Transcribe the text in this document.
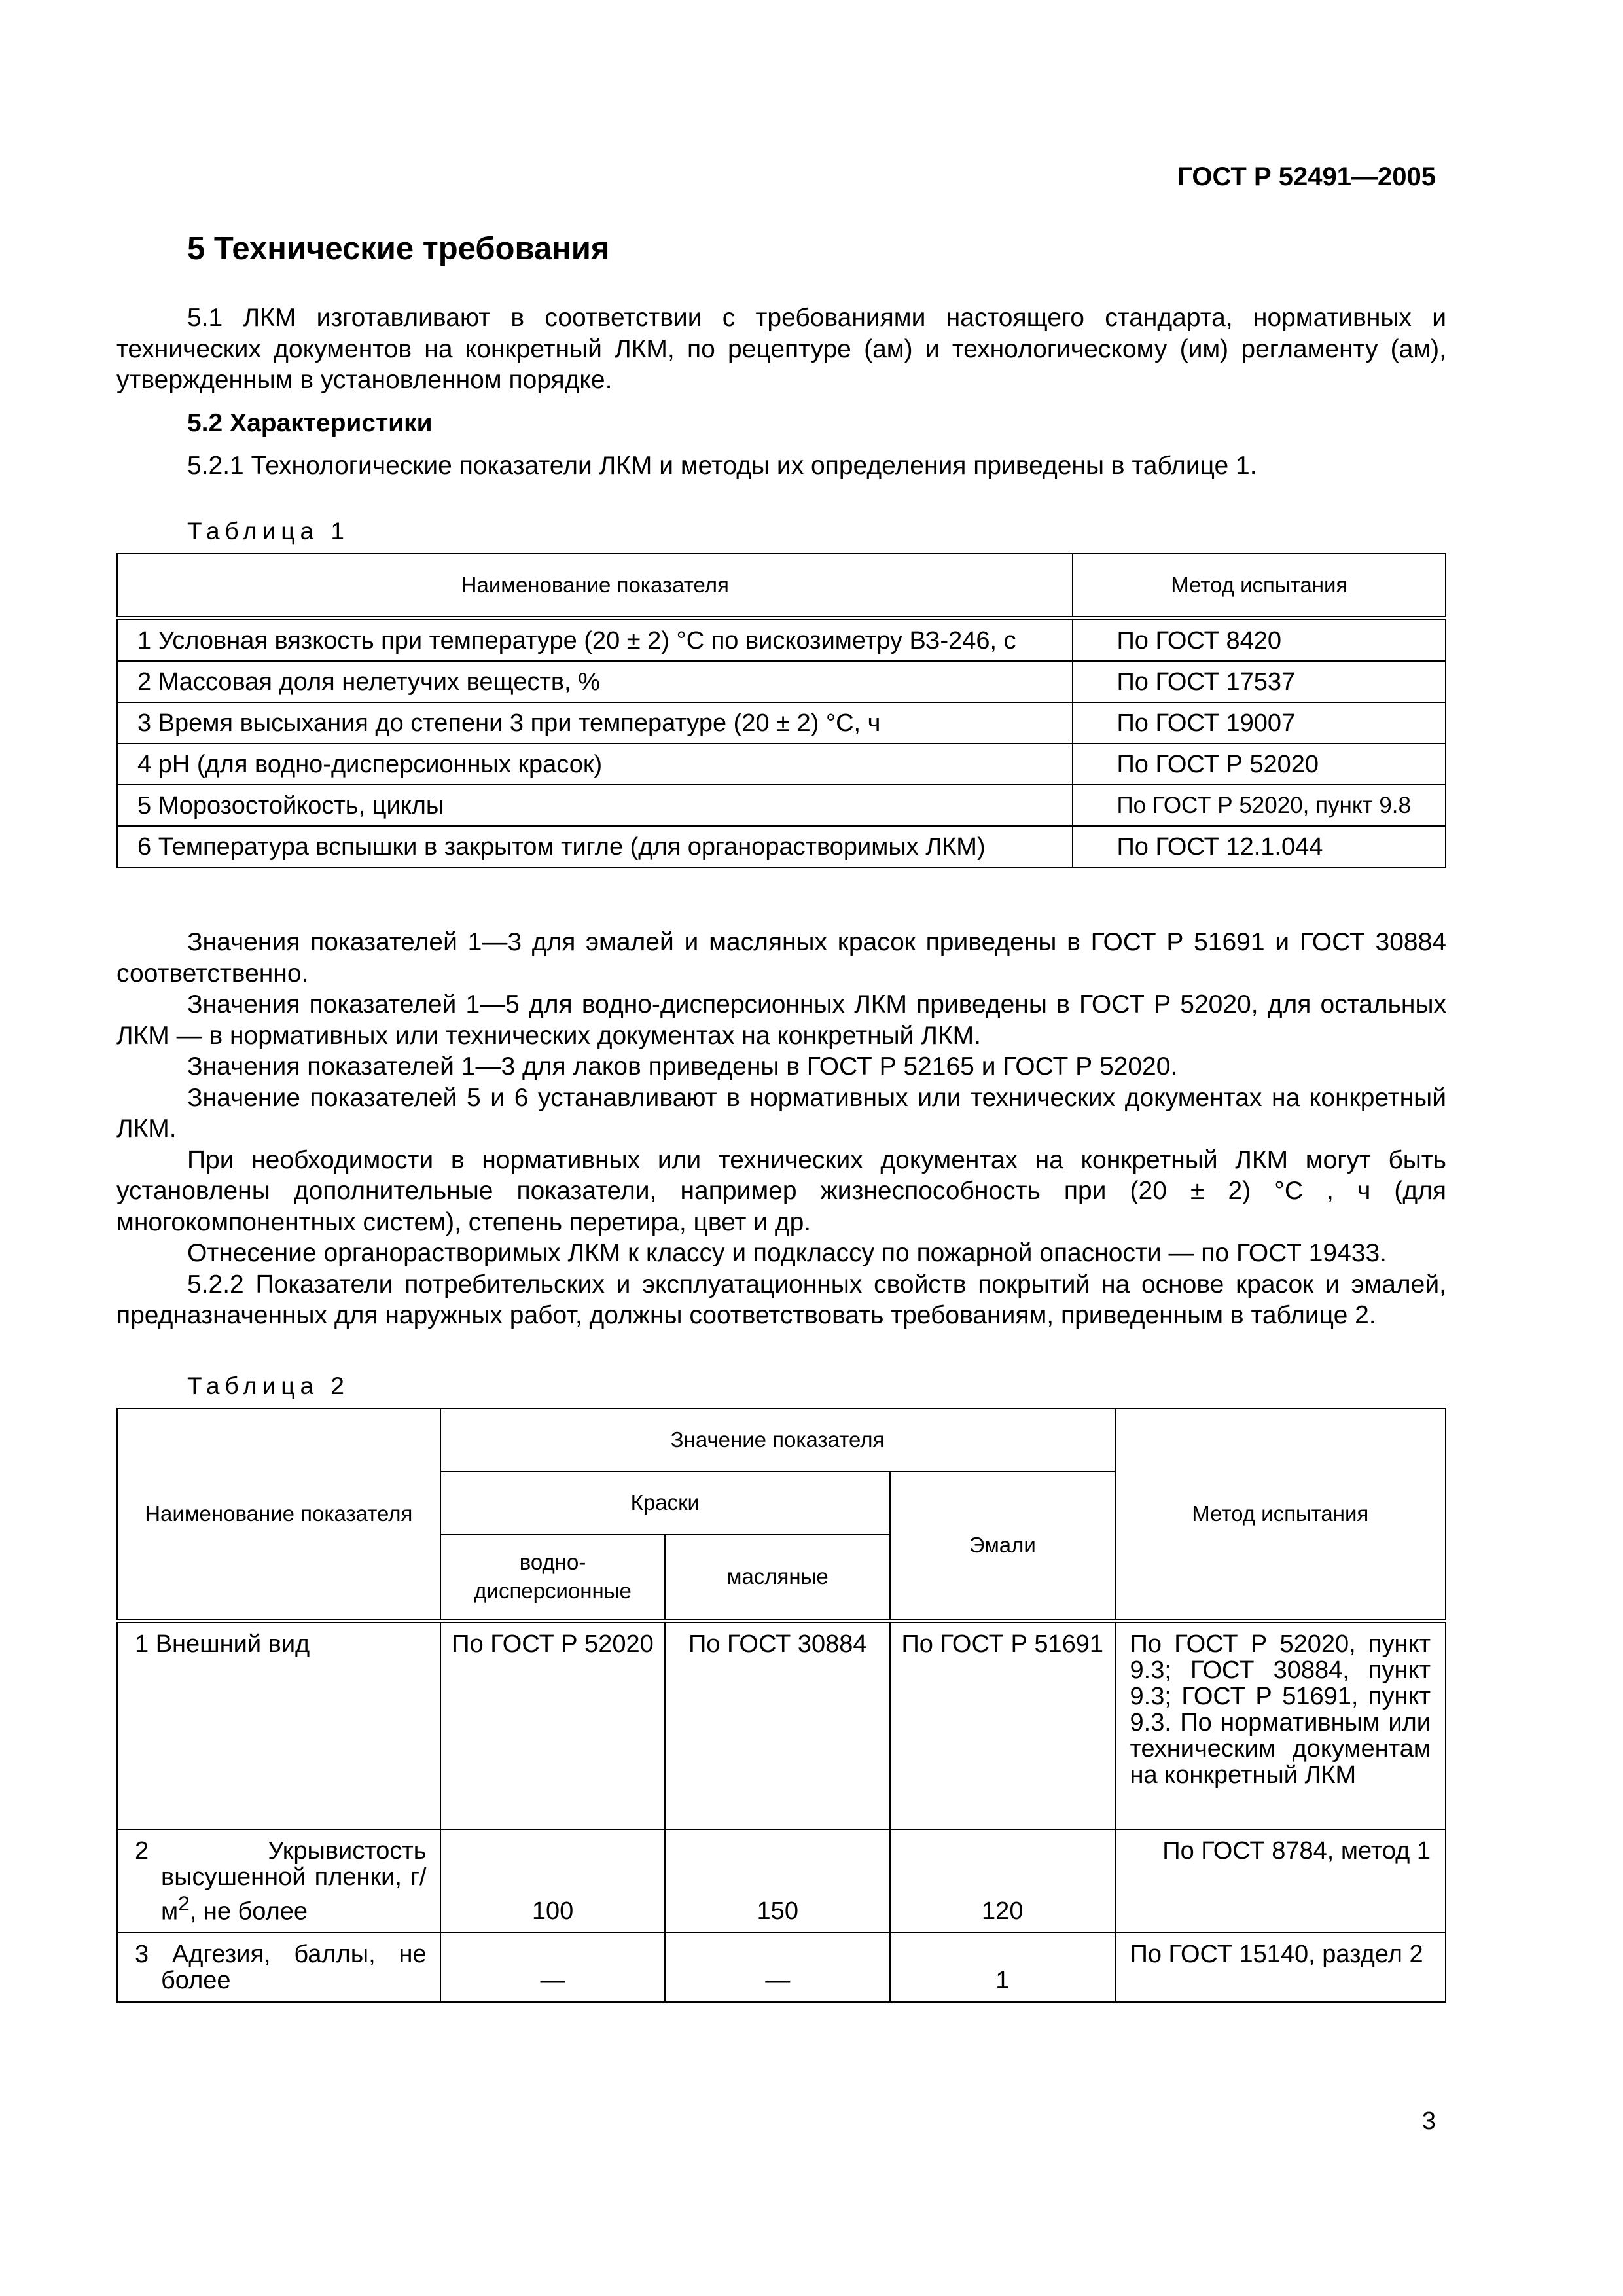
ГОСТ Р 52491—2005

5 Технические требования

5.1 ЛКМ изготавливают в соответствии с требованиями настоящего стандарта, нормативных и технических документов на конкретный ЛКМ, по рецептуре (ам) и технологическому (им) регламенту (ам), утвержденным в установленном порядке.

5.2 Характеристики

5.2.1 Технологические показатели ЛКМ и методы их определения приведены в таблице 1.

Таблица 1

Наименование показателя	Метод испытания
1 Условная вязкость при температуре (20 ± 2) °С по вискозиметру ВЗ-246, с	По ГОСТ 8420
2 Массовая доля нелетучих веществ, %	По ГОСТ 17537
3 Время высыхания до степени 3 при температуре (20 ± 2) °С, ч	По ГОСТ 19007
4 pH (для водно-дисперсионных красок)	По ГОСТ Р 52020
5 Морозостойкость, циклы	По ГОСТ Р 52020, пункт 9.8
6 Температура вспышки в закрытом тигле (для органорастворимых ЛКМ)	По ГОСТ 12.1.044

Значения показателей 1—3 для эмалей и масляных красок приведены в ГОСТ Р 51691 и ГОСТ 30884 соответственно.

Значения показателей 1—5 для водно-дисперсионных ЛКМ приведены в ГОСТ Р 52020, для остальных ЛКМ — в нормативных или технических документах на конкретный ЛКМ.

Значения показателей 1—3 для лаков приведены в ГОСТ Р 52165 и ГОСТ Р 52020.

Значение показателей 5 и 6 устанавливают в нормативных или технических документах на конкретный ЛКМ.

При необходимости в нормативных или технических документах на конкретный ЛКМ могут быть установлены дополнительные показатели, например жизнеспособность при (20 ± 2) °С , ч (для многокомпонентных систем), степень перетира, цвет и др.

Отнесение органорастворимых ЛКМ к классу и подклассу по пожарной опасности — по ГОСТ 19433.

5.2.2 Показатели потребительских и эксплуатационных свойств покрытий на основе красок и эмалей, предназначенных для наружных работ, должны соответствовать требованиям, приведенным в таблице 2.

Таблица 2

Наименование показателя	Значение показателя			Метод испытания
	Краски		Эмали	
	водно-дисперсионные	масляные		
1 Внешний вид	По ГОСТ Р 52020	По ГОСТ 30884	По ГОСТ Р 51691	По ГОСТ Р 52020, пункт 9.3; ГОСТ 30884, пункт 9.3; ГОСТ Р 51691, пункт 9.3. По нормативным или техническим документам на конкретный ЛКМ
2 Укрывистость высушенной пленки, $г/м^2$, не более	100	150	120	По ГОСТ 8784, метод 1
3 Адгезия, баллы, не более	—	—	1	По ГОСТ 15140, раздел 2

3
